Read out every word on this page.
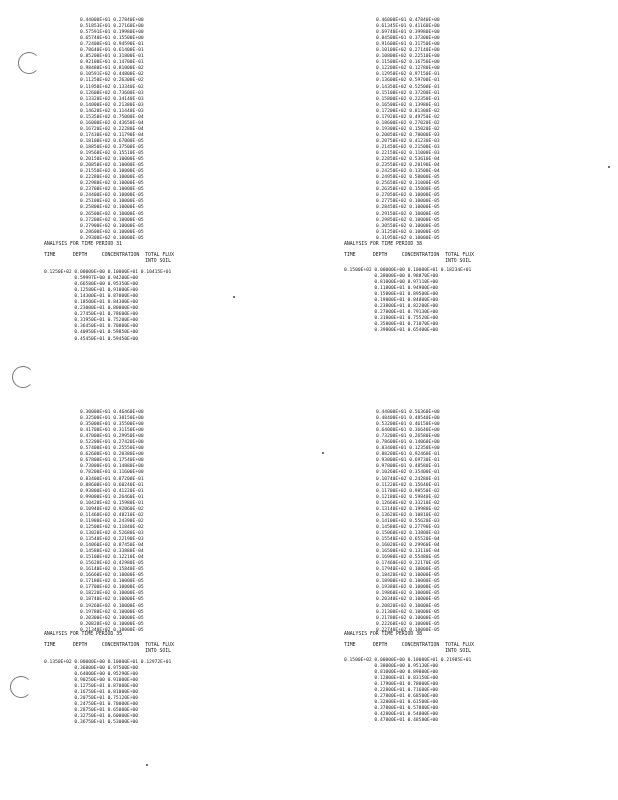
0.44000E+01 0.27840E+00
0.51853E+01 0.27160E+00
0.57591E+01 0.19980E+00
0.65740E+01 0.15500E+00
0.72400E+01 0.94590E-01
0.78640E+01 0.61400E-01
0.85200E+01 0.31800E-01
0.92100E+01 0.14700E-01
0.98480E+01 0.81000E-02
0.10591E+02 0.44800E-02
0.11250E+02 0.26300E-02
0.11950E+02 0.13340E-02
0.12600E+02 0.73600E-03
0.13320E+02 0.34140E-03
0.14000E+02 0.21380E-03
0.14620E+02 0.11440E-03
0.15350E+02 0.75000E-04
0.16000E+02 0.43650E-04
0.16720E+02 0.22280E-04
0.17430E+02 0.11790E-04
0.18100E+02 0.67000E-05
0.18850E+02 0.37500E-05
0.19560E+02 0.15510E-05
0.20150E+02 0.10000E-05
0.20850E+02 0.10000E-05
0.21550E+02 0.10000E-05
0.22280E+02 0.10000E-05
0.22980E+02 0.10000E-05
0.23700E+02 0.10000E-05
0.24400E+02 0.10000E-05
0.25100E+02 0.10000E-05
0.25800E+02 0.10000E-05
0.26500E+02 0.10000E-05
0.27200E+02 0.10000E-05
0.27900E+02 0.10000E-05
0.28600E+02 0.10000E-05
0.29300E+02 0.10000E-05
ANALYSIS FOR TIME PERIOD 31
TIME      DEPTH     CONCENTRATION  TOTAL FLUX
INTO SOIL
0.1250E+02 0.00000E+00 0.10000E+01 0.10415E+01
0.59997E+00 0.94200E+00
0.66580E+00 0.95350E+00
0.12580E+01 0.91000E+00
0.14300E+01 0.87000E+00
0.18500E+01 0.84300E+00
0.23000E+01 0.80000E+00
0.27450E+01 0.78600E+00
0.31950E+01 0.75200E+00
0.36450E+01 0.70800E+00
0.40950E+01 0.59850E+00
0.45450E+01 0.59450E+00
0.46000E+01 0.47840E+00
0.61345E+01 0.41160E+00
0.69740E+01 0.39980E+00
0.84500E+01 0.37300E+00
0.91600E+01 0.31750E+00
0.10100E+02 0.27140E+00
0.10800E+02 0.22510E+00
0.11500E+02 0.16750E+00
0.12200E+02 0.12780E+00
0.12950E+02 0.97150E-01
0.13600E+02 0.59700E-01
0.14350E+02 0.52500E-01
0.15100E+02 0.37200E-01
0.15800E+02 0.22350E-01
0.16500E+02 0.13980E-01
0.17200E+02 0.81300E-02
0.17920E+02 0.49750E-02
0.18600E+02 0.27020E-02
0.19300E+02 0.15020E-02
0.20050E+02 0.78000E-03
0.20750E+02 0.41230E-03
0.21450E+02 0.21500E-03
0.22150E+02 0.11000E-03
0.22850E+02 0.53610E-04
0.23550E+02 0.28190E-04
0.24250E+02 0.13500E-04
0.24950E+02 0.58000E-05
0.25650E+02 0.31000E-05
0.26350E+02 0.15000E-05
0.27050E+02 0.10000E-05
0.27750E+02 0.10000E-05
0.28450E+02 0.10000E-05
0.29150E+02 0.10000E-05
0.29850E+02 0.10000E-05
0.30550E+02 0.10000E-05
0.31250E+02 0.10000E-05
0.31950E+02 0.10000E-05
ANALYSIS FOR TIME PERIOD 38
TIME      DEPTH     CONCENTRATION  TOTAL FLUX
INTO SOIL
0.1500E+02 0.00000E+00 0.10000E+01 0.18234E+01
0.38000E+00 0.98870E+00
0.81000E+00 0.97110E+00
0.11800E+01 0.94900E+00
0.15800E+01 0.89500E+00
0.19800E+01 0.84800E+00
0.23800E+01 0.82200E+00
0.27800E+01 0.79130E+00
0.31800E+01 0.75520E+00
0.35800E+01 0.71070E+00
0.39800E+01 0.65400E+00
0.30000E+01 0.46460E+00
0.32500E+01 0.38150E+00
0.35000E+01 0.35500E+00
0.41700E+01 0.31150E+00
0.47000E+01 0.29950E+00
0.52200E+01 0.27420E+00
0.57400E+01 0.25550E+00
0.62600E+01 0.20380E+00
0.67800E+01 0.17540E+00
0.73000E+01 0.14880E+00
0.78200E+01 0.11600E+00
0.83400E+01 0.87200E-01
0.88600E+01 0.60240E-01
0.93800E+01 0.41220E-01
0.99000E+01 0.26460E-01
0.10420E+02 0.15980E-01
0.10940E+02 0.92060E-02
0.11460E+02 0.48210E-02
0.11980E+02 0.24390E-02
0.12500E+02 0.11840E-02
0.13020E+02 0.52680E-03
0.13540E+02 0.22190E-03
0.14060E+02 0.87450E-04
0.14580E+02 0.33880E-04
0.15100E+02 0.12210E-04
0.15620E+02 0.42980E-05
0.16140E+02 0.15840E-05
0.16660E+02 0.10000E-05
0.17180E+02 0.10000E-05
0.17700E+02 0.10000E-05
0.18220E+02 0.10000E-05
0.18740E+02 0.10000E-05
0.19260E+02 0.10000E-05
0.19780E+02 0.10000E-05
0.20300E+02 0.10000E-05
0.20820E+02 0.10000E-05
0.21340E+02 0.10000E-05
ANALYSIS FOR TIME PERIOD 35
TIME      DEPTH     CONCENTRATION  TOTAL FLUX
INTO SOIL
0.1350E+02 0.00000E+00 0.10000E+01 0.12972E+01
0.36000E+00 0.97500E+00
0.64000E+00 0.95290E+00
0.90250E+00 0.91000E+00
0.12750E+01 0.87000E+00
0.16750E+01 0.81000E+00
0.20750E+01 0.75120E+00
0.24750E+01 0.70000E+00
0.28750E+01 0.65000E+00
0.32750E+01 0.60000E+00
0.36750E+01 0.53000E+00
0.44000E+01 0.56360E+00
0.48400E+01 0.48540E+00
0.53200E+01 0.46150E+00
0.64000E+01 0.36640E+00
0.73200E+01 0.26580E+00
0.78600E+01 0.14060E+00
0.83400E+01 0.12350E+00
0.88200E+01 0.92460E-01
0.93000E+01 0.69730E-01
0.97800E+01 0.48580E-01
0.10260E+02 0.35400E-01
0.10740E+02 0.24280E-01
0.11220E+02 0.15640E-01
0.11700E+02 0.98550E-02
0.12180E+02 0.59840E-02
0.12660E+02 0.33210E-02
0.13140E+02 0.19980E-02
0.13620E+02 0.10810E-02
0.14100E+02 0.55620E-03
0.14580E+02 0.27790E-03
0.15060E+02 0.13800E-03
0.15540E+02 0.65520E-04
0.16020E+02 0.29960E-04
0.16500E+02 0.13110E-04
0.16980E+02 0.55480E-05
0.17460E+02 0.22170E-05
0.17940E+02 0.10000E-05
0.18420E+02 0.10000E-05
0.18900E+02 0.10000E-05
0.19380E+02 0.10000E-05
0.19860E+02 0.10000E-05
0.20340E+02 0.10000E-05
0.20820E+02 0.10000E-05
0.21300E+02 0.10000E-05
0.21780E+02 0.10000E-05
0.22260E+02 0.10000E-05
0.22740E+02 0.10000E-05
ANALYSIS FOR TIME PERIOD 38
TIME      DEPTH     CONCENTRATION  TOTAL FLUX
INTO SOIL
0.1500E+02 0.00000E+00 0.10000E+01 0.21985E+01
0.38000E+00 0.95130E+00
0.81000E+00 0.89000E+00
0.12800E+01 0.83150E+00
0.17900E+01 0.78000E+00
0.22800E+01 0.71600E+00
0.27800E+01 0.68500E+00
0.32800E+01 0.61500E+00
0.37800E+01 0.57880E+00
0.42800E+01 0.54000E+00
0.47800E+01 0.48580E+00
